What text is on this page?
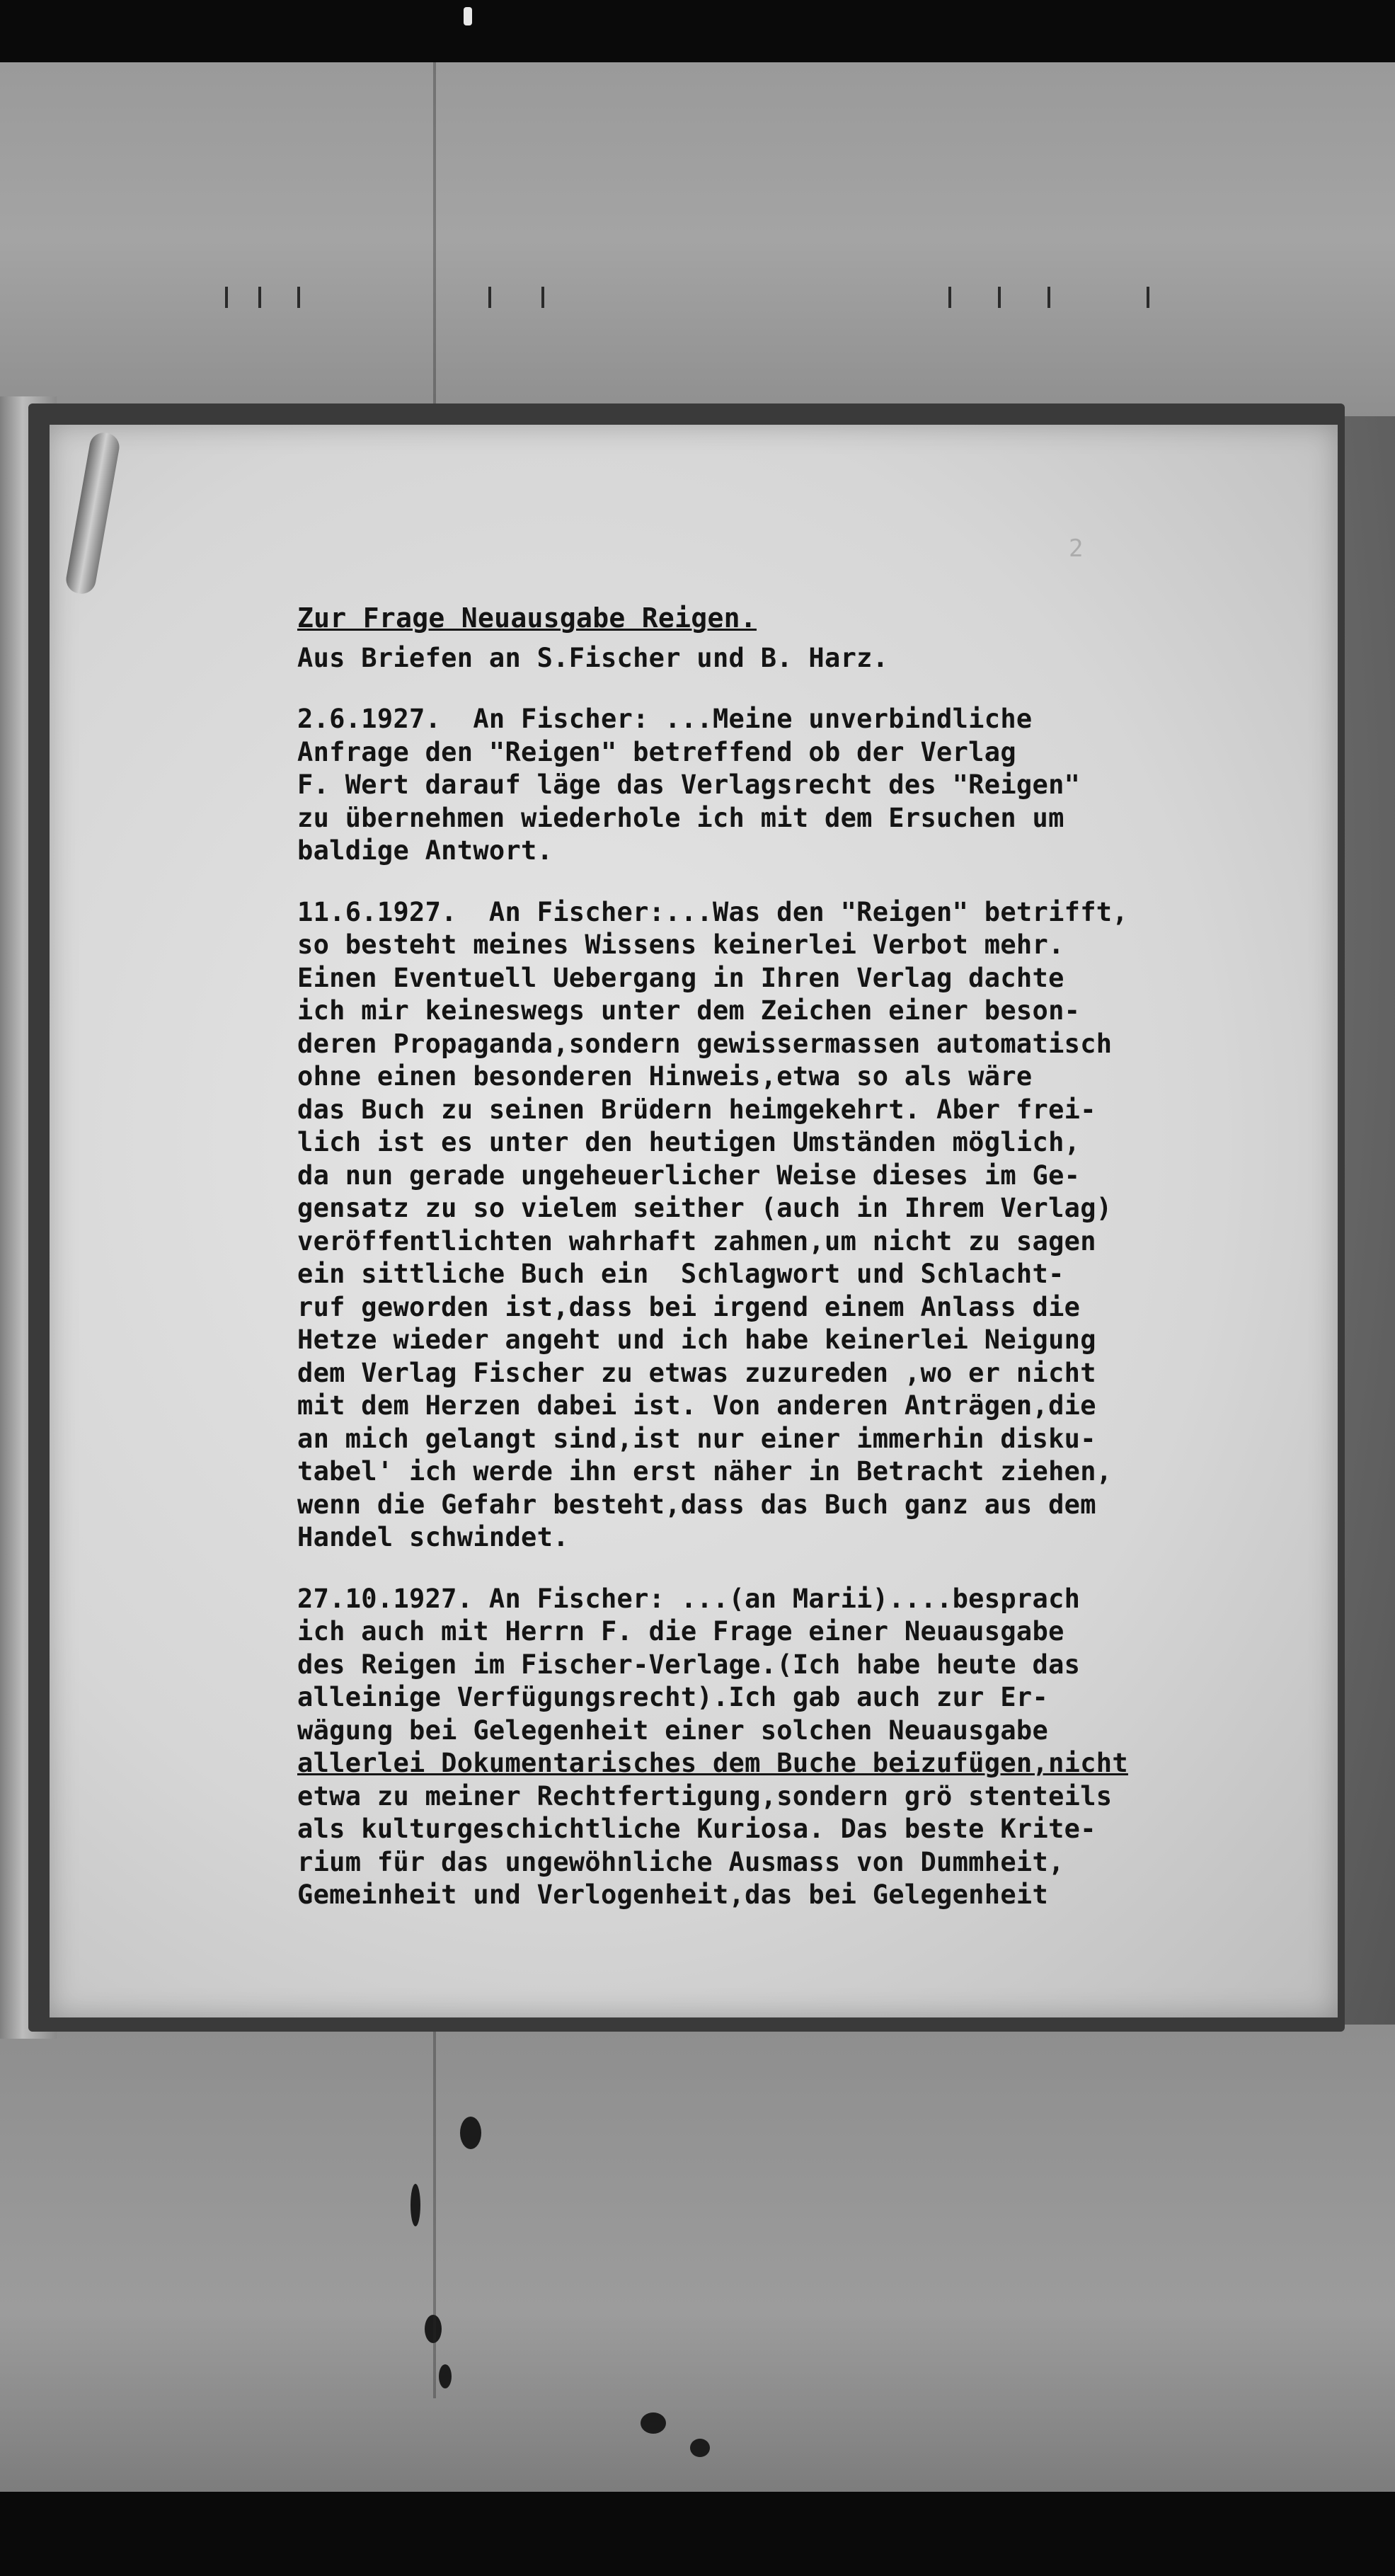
2
Zur Frage Neuausgabe Reigen.
Aus Briefen an S.Fischer und B. Harz.
2.6.1927.  An Fischer: ...Meine unverbindliche
Anfrage den "Reigen" betreffend ob der Verlag
F. Wert darauf läge das Verlagsrecht des "Reigen"
zu übernehmen wiederhole ich mit dem Ersuchen um
baldige Antwort.
11.6.1927.  An Fischer:...Was den "Reigen" betrifft,
so besteht meines Wissens keinerlei Verbot mehr.
Einen Eventuell Uebergang in Ihren Verlag dachte
ich mir keineswegs unter dem Zeichen einer beson-
deren Propaganda,sondern gewissermassen automatisch
ohne einen besonderen Hinweis,etwa so als wäre
das Buch zu seinen Brüdern heimgekehrt. Aber frei-
lich ist es unter den heutigen Umständen möglich,
da nun gerade ungeheuerlicher Weise dieses im Ge-
gensatz zu so vielem seither (auch in Ihrem Verlag)
veröffentlichten wahrhaft zahmen,um nicht zu sagen
ein sittliche Buch ein  Schlagwort und Schlacht-
ruf geworden ist,dass bei irgend einem Anlass die
Hetze wieder angeht und ich habe keinerlei Neigung
dem Verlag Fischer zu etwas zuzureden ,wo er nicht
mit dem Herzen dabei ist. Von anderen Anträgen,die
an mich gelangt sind,ist nur einer immerhin disku-
tabel' ich werde ihn erst näher in Betracht ziehen,
wenn die Gefahr besteht,dass das Buch ganz aus dem
Handel schwindet.
27.10.1927. An Fischer: ...(an Marii)....besprach
ich auch mit Herrn F. die Frage einer Neuausgabe
des Reigen im Fischer-Verlage.(Ich habe heute das
alleinige Verfügungsrecht).Ich gab auch zur Er-
wägung bei Gelegenheit einer solchen Neuausgabe
allerlei Dokumentarisches dem Buche beizufügen,nicht
etwa zu meiner Rechtfertigung,sondern grö stenteils
als kulturgeschichtliche Kuriosa. Das beste Krite-
rium für das ungewöhnliche Ausmass von Dummheit,
Gemeinheit und Verlogenheit,das bei Gelegenheit
